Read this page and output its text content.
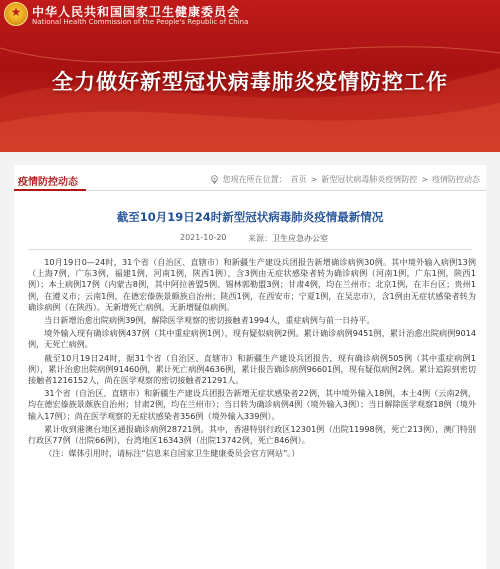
★ 中华人民共和国国家卫生健康委员会
National Health Commission of the People's Republic of China
全力做好新型冠状病毒肺炎疫情防控工作
疫情防控动态	您现在所在位置： 首页 > 新型冠状病毒肺炎疫情防控 > 疫情防控动态
截至10月19日24时新型冠状病毒肺炎疫情最新情况
2021-10-20	来源：卫生应急办公室

10月19日0—24时，31个省（自治区、直辖市）和新疆生产建设兵团报告新增确诊病例30例。其中境外输入病例13例（上海7例，广东3例，福建1例，河南1例，陕西1例），含3例由无症状感染者转为确诊病例（河南1例，广东1例，陕西1例）；本土病例17例（内蒙古8例，其中阿拉善盟5例、锡林郭勒盟3例；甘肃4例，均在兰州市；北京1例，在丰台区；贵州1例，在遵义市；云南1例，在德宏傣族景颇族自治州；陕西1例，在西安市；宁夏1例，在吴忠市），含1例由无症状感染者转为确诊病例（在陕西）。无新增死亡病例。无新增疑似病例。

当日新增治愈出院病例39例，解除医学观察的密切接触者1994人，重症病例与前一日持平。

境外输入现有确诊病例437例（其中重症病例1例），现有疑似病例2例。累计确诊病例9451例，累计治愈出院病例9014例，无死亡病例。

截至10月19日24时，据31个省（自治区、直辖市）和新疆生产建设兵团报告，现有确诊病例505例（其中重症病例1例），累计治愈出院病例91460例，累计死亡病例4636例，累计报告确诊病例96601例，现有疑似病例2例。累计追踪到密切接触者1216152人，尚在医学观察的密切接触者21291人。

31个省（自治区、直辖市）和新疆生产建设兵团报告新增无症状感染者22例，其中境外输入18例，本土4例（云南2例，均在德宏傣族景颇族自治州；甘肃2例，均在兰州市）；当日转为确诊病例4例（境外输入3例）；当日解除医学观察18例（境外输入17例）；尚在医学观察的无症状感染者356例（境外输入339例）。

累计收到港澳台地区通报确诊病例28721例。其中，香港特别行政区12301例（出院11998例，死亡213例），澳门特别行政区77例（出院66例），台湾地区16343例（出院13742例，死亡846例）。

（注：媒体引用时，请标注“信息来自国家卫生健康委员会官方网站”。）
